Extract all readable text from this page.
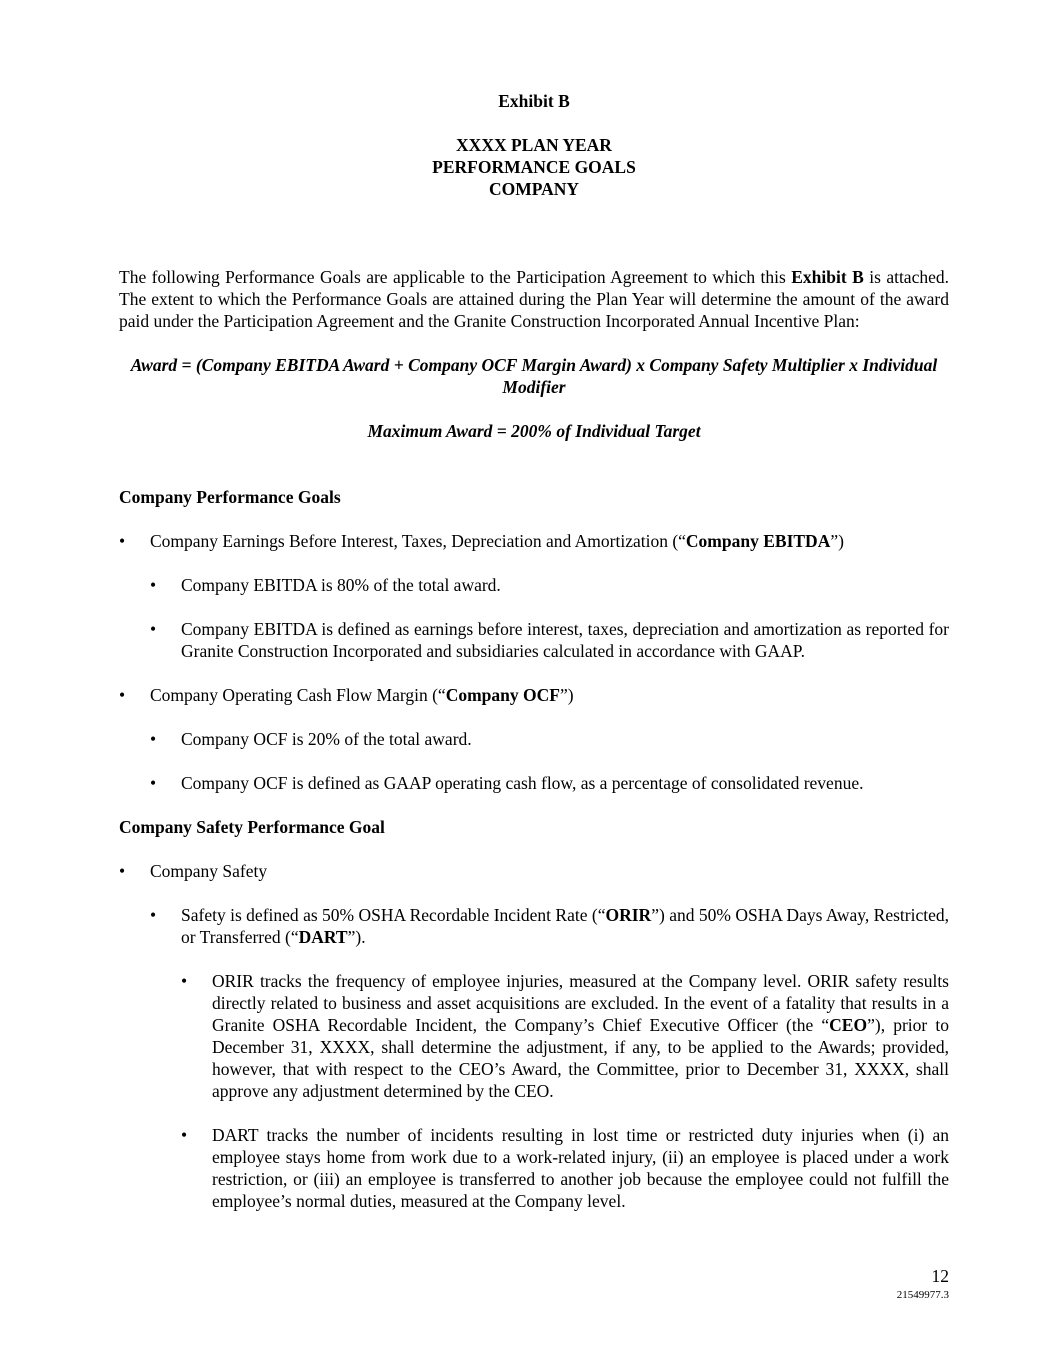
Exhibit B
XXXX PLAN YEAR
PERFORMANCE GOALS
COMPANY

The following Performance Goals are applicable to the Participation Agreement to which this Exhibit B is attached. The extent to which the Performance Goals are attained during the Plan Year will determine the amount of the award paid under the Participation Agreement and the Granite Construction Incorporated Annual Incentive Plan:

Award = (Company EBITDA Award + Company OCF Margin Award) x Company Safety Multiplier x Individual Modifier

Maximum Award = 200% of Individual Target

Company Performance Goals

• Company Earnings Before Interest, Taxes, Depreciation and Amortization (“Company EBITDA”)
• Company EBITDA is 80% of the total award.
• Company EBITDA is defined as earnings before interest, taxes, depreciation and amortization as reported for Granite Construction Incorporated and subsidiaries calculated in accordance with GAAP.
• Company Operating Cash Flow Margin (“Company OCF”)
• Company OCF is 20% of the total award.
• Company OCF is defined as GAAP operating cash flow, as a percentage of consolidated revenue.

Company Safety Performance Goal

• Company Safety
• Safety is defined as 50% OSHA Recordable Incident Rate (“ORIR”) and 50% OSHA Days Away, Restricted, or Transferred (“DART”).
• ORIR tracks the frequency of employee injuries, measured at the Company level. ORIR safety results directly related to business and asset acquisitions are excluded. In the event of a fatality that results in a Granite OSHA Recordable Incident, the Company’s Chief Executive Officer (the “CEO”), prior to December 31, XXXX, shall determine the adjustment, if any, to be applied to the Awards; provided, however, that with respect to the CEO’s Award, the Committee, prior to December 31, XXXX, shall approve any adjustment determined by the CEO.
• DART tracks the number of incidents resulting in lost time or restricted duty injuries when (i) an employee stays home from work due to a work-related injury, (ii) an employee is placed under a work restriction, or (iii) an employee is transferred to another job because the employee could not fulfill the employee’s normal duties, measured at the Company level.
12
21549977.3
